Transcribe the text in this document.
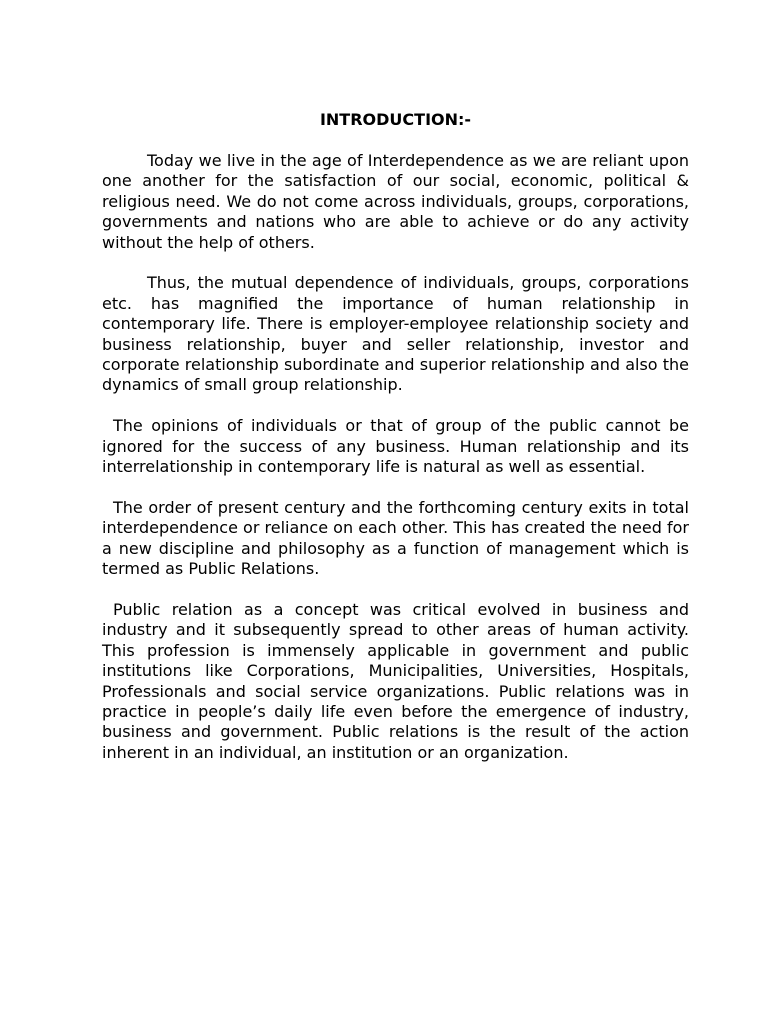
INTRODUCTION:-

Today we live in the age of Interdependence as we are reliant upon one another for the satisfaction of our social, economic, political & religious need. We do not come across individuals, groups, corporations, governments and nations who are able to achieve or do any activity without the help of others.

Thus, the mutual dependence of individuals, groups, corporations etc. has magnified the importance of human relationship in contemporary life. There is employer-employee relationship society and business relationship, buyer and seller relationship, investor and corporate relationship subordinate and superior relationship and also the dynamics of small group relationship.

The opinions of individuals or that of group of the public cannot be ignored for the success of any business. Human relationship and its interrelationship in contemporary life is natural as well as essential.

The order of present century and the forthcoming century exits in total interdependence or reliance on each other. This has created the need for a new discipline and philosophy as a function of management which is termed as Public Relations.

Public relation as a concept was critical evolved in business and industry and it subsequently spread to other areas of human activity. This profession is immensely applicable in government and public institutions like Corporations, Municipalities, Universities, Hospitals, Professionals and social service organizations. Public relations was in practice in people’s daily life even before the emergence of industry, business and government. Public relations is the result of the action inherent in an individual, an institution or an organization.
